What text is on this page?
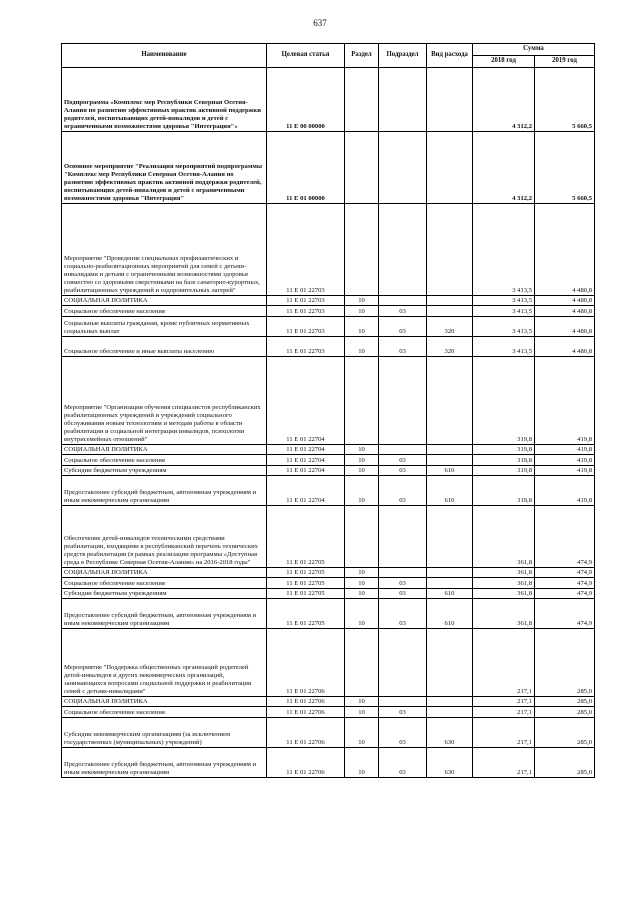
637
Наименование	Целевая статья	Раздел	Подраздел	Вид расхода	Сумма	
					2018 год	2019 год
Подпрограмма «Комплекс мер Республики Северная Осетия-Алания по развитию эффективных практик активной поддержки родителей, воспитывающих детей-инвалидов и детей с ограниченными возможностями здоровья "Интеграция"»	11 Е 00 00000				4 312,2	5 660,5
Основное мероприятие "Реализация мероприятий подпрограммы "Комплекс мер Республики Северная Осетия-Алания по развитию эффективных практик активной поддержки родителей, воспитывающих детей-инвалидов и детей с ограниченными возможностями здоровья "Интеграция"	11 Е 01 00000				4 312,2	5 660,5
Мероприятие "Проведение специальных профилактических и социально-реабилитационных мероприятий для семей с детьми-инвалидами и детьми с ограниченными возможностями здоровья совместно со здоровыми сверстниками на базе санаторно-курортных, реабилитационных учреждений и оздоровительных лагерей"	11 Е 01 22703				3 413,5	4 480,8
СОЦИАЛЬНАЯ ПОЛИТИКА	11 Е 01 22703	10			3 413,5	4 480,8
Социальное обеспечение населения	11 Е 01 22703	10	03		3 413,5	4 480,8
Социальные выплаты гражданам, кроме публичных нормативных социальных выплат	11 Е 01 22703	10	03	320	3 413,5	4 480,8
Социальное обеспечение и иные выплаты населению	11 Е 01 22703	10	03	320	3 413,5	4 480,8
Мероприятие "Организация обучения специалистов республиканских реабилитационных учреждений и учреждений социального обслуживания новым технологиям и методам работы в области реабилитации и социальной интеграции инвалидов, психологии внутрисемейных отношений"	11 Е 01 22704				319,8	419,8
СОЦИАЛЬНАЯ ПОЛИТИКА	11 Е 01 22704	10			319,8	419,8
Социальное обеспечение населения	11 Е 01 22704	10	03		319,8	419,8
Субсидии бюджетным учреждениям	11 Е 01 22704	10	03	610	319,8	419,8
Предоставление субсидий бюджетным, автономным учреждениям и иным некоммерческим организациям	11 Е 01 22704	10	03	610	319,8	419,8
Обеспечение детей-инвалидов техническими средствами реабилитации, входящими в республиканский перечень технических средств реабилитации (в рамках реализации программы «Доступная среда в Республике Северная Осетия-Алания» на 2016-2018 годы"	11 Е 01 22705				361,8	474,9
СОЦИАЛЬНАЯ ПОЛИТИКА	11 Е 01 22705	10			361,8	474,9
Социальное обеспечение населения	11 Е 01 22705	10	03		361,8	474,9
Субсидии бюджетным учреждениям	11 Е 01 22705	10	03	610	361,8	474,9
Предоставление субсидий бюджетным, автономным учреждениям и иным некоммерческим организациям	11 Е 01 22705	10	03	610	361,8	474,9
Мероприятие "Поддержка общественных организаций родителей детей-инвалидов и других некоммерческих организаций, занимающихся вопросами социальной поддержки и реабилитации семей с детьми-инвалидами"	11 Е 01 22706				217,1	285,0
СОЦИАЛЬНАЯ ПОЛИТИКА	11 Е 01 22706	10			217,1	285,0
Социальное обеспечение населения	11 Е 01 22706	10	03		217,1	285,0
Субсидии некоммерческим организациям (за исключением государственных (муниципальных) учреждений)	11 Е 01 22706	10	03	630	217,1	285,0
Предоставление субсидий бюджетным, автономным учреждениям и иным некоммерческим организациям	11 Е 01 22706	10	03	630	217,1	285,0
